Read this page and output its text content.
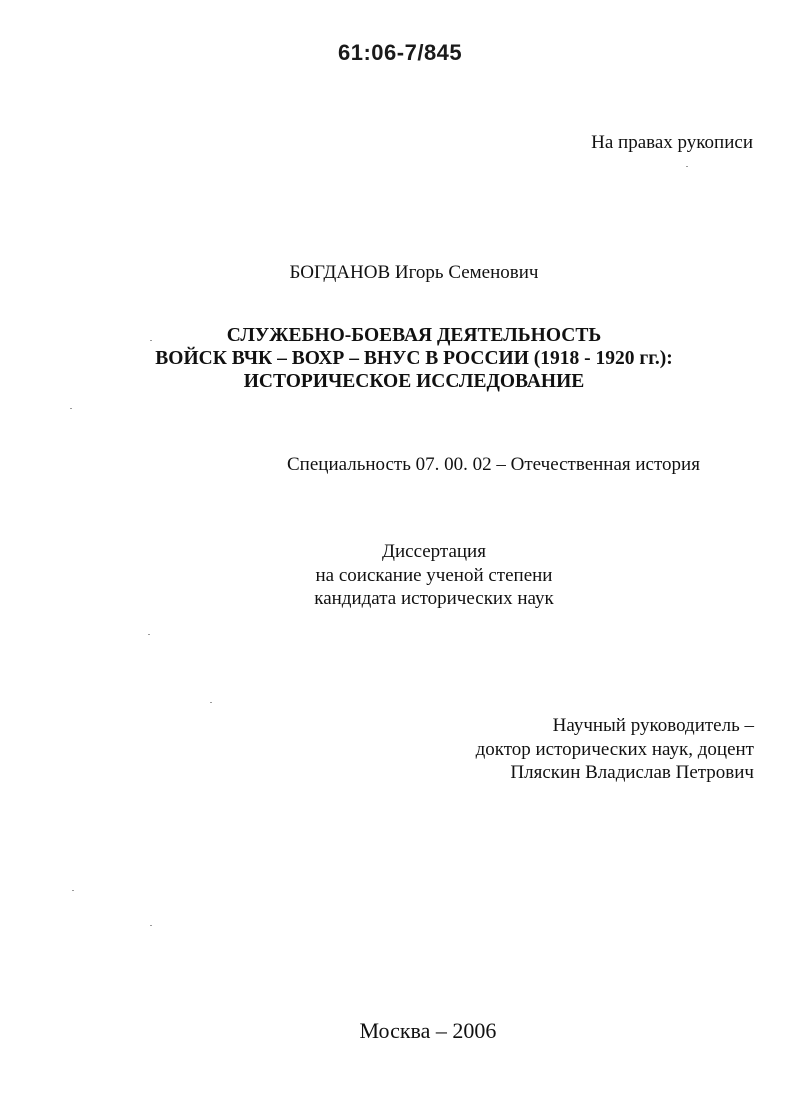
61:06-7/845
На правах рукописи
БОГДАНОВ Игорь Семенович
СЛУЖЕБНО-БОЕВАЯ ДЕЯТЕЛЬНОСТЬ
ВОЙСК ВЧК – ВОХР – ВНУС В РОССИИ (1918 - 1920 гг.):
ИСТОРИЧЕСКОЕ ИССЛЕДОВАНИЕ
Специальность 07. 00. 02 – Отечественная история
Диссертация
на соискание ученой степени
кандидата исторических наук
Научный руководитель –
доктор исторических наук, доцент
Пляскин Владислав Петрович
Москва – 2006
